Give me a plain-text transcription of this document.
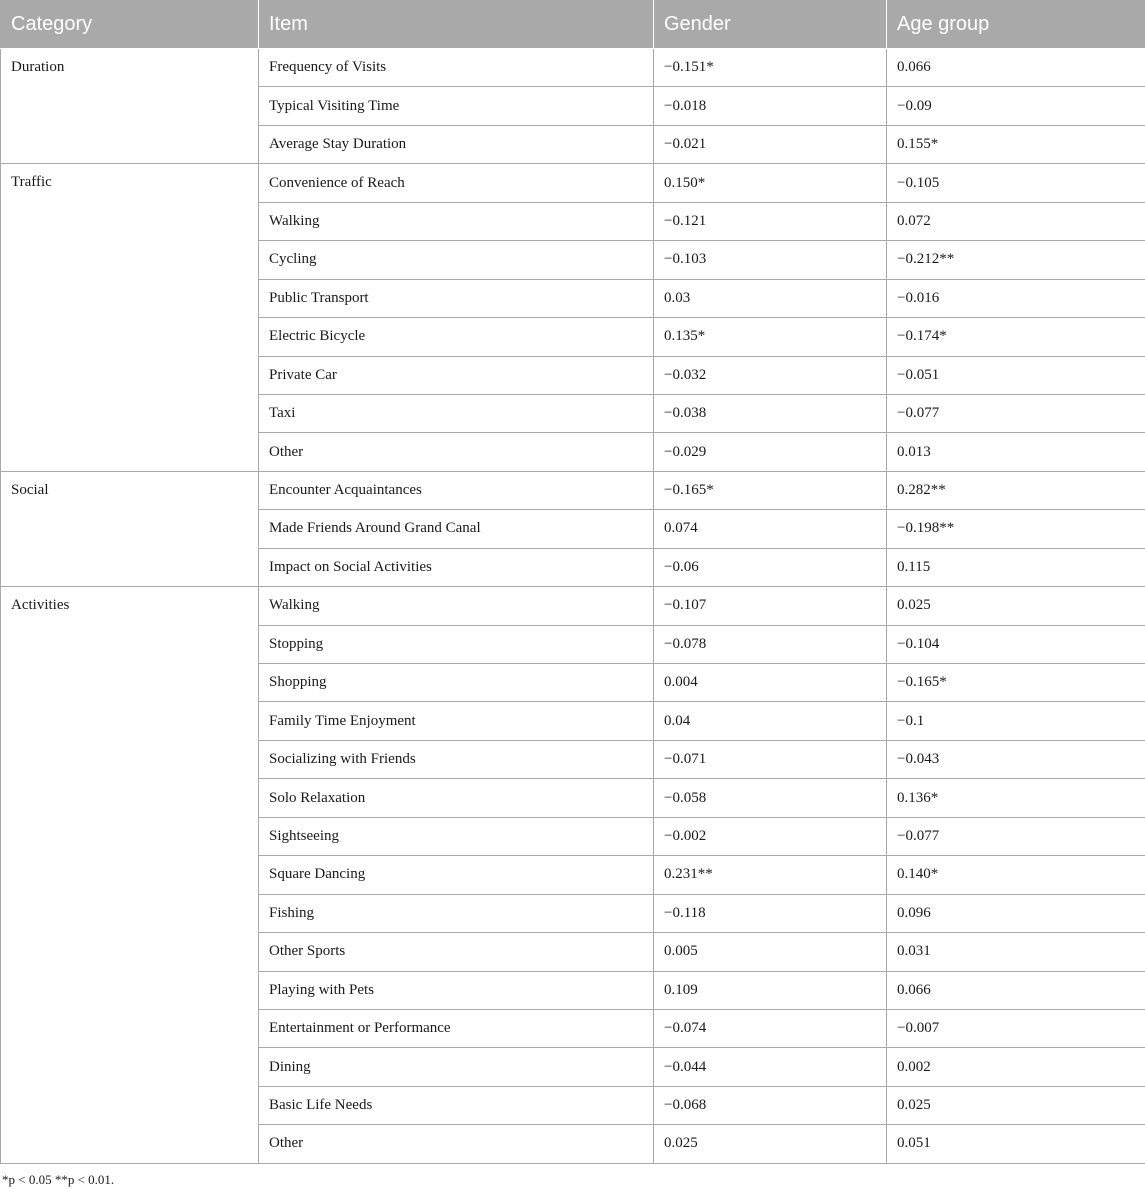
Category	Item	Gender	Age group
Duration	Frequency of Visits	−0.151*	0.066
	Typical Visiting Time	−0.018	−0.09
	Average Stay Duration	−0.021	0.155*
Traffic	Convenience of Reach	0.150*	−0.105
	Walking	−0.121	0.072
	Cycling	−0.103	−0.212**
	Public Transport	0.03	−0.016
	Electric Bicycle	0.135*	−0.174*
	Private Car	−0.032	−0.051
	Taxi	−0.038	−0.077
	Other	−0.029	0.013
Social	Encounter Acquaintances	−0.165*	0.282**
	Made Friends Around Grand Canal	0.074	−0.198**
	Impact on Social Activities	−0.06	0.115
Activities	Walking	−0.107	0.025
	Stopping	−0.078	−0.104
	Shopping	0.004	−0.165*
	Family Time Enjoyment	0.04	−0.1
	Socializing with Friends	−0.071	−0.043
	Solo Relaxation	−0.058	0.136*
	Sightseeing	−0.002	−0.077
	Square Dancing	0.231**	0.140*
	Fishing	−0.118	0.096
	Other Sports	0.005	0.031
	Playing with Pets	0.109	0.066
	Entertainment or Performance	−0.074	−0.007
	Dining	−0.044	0.002
	Basic Life Needs	−0.068	0.025
	Other	0.025	0.051
*p < 0.05 **p < 0.01.
